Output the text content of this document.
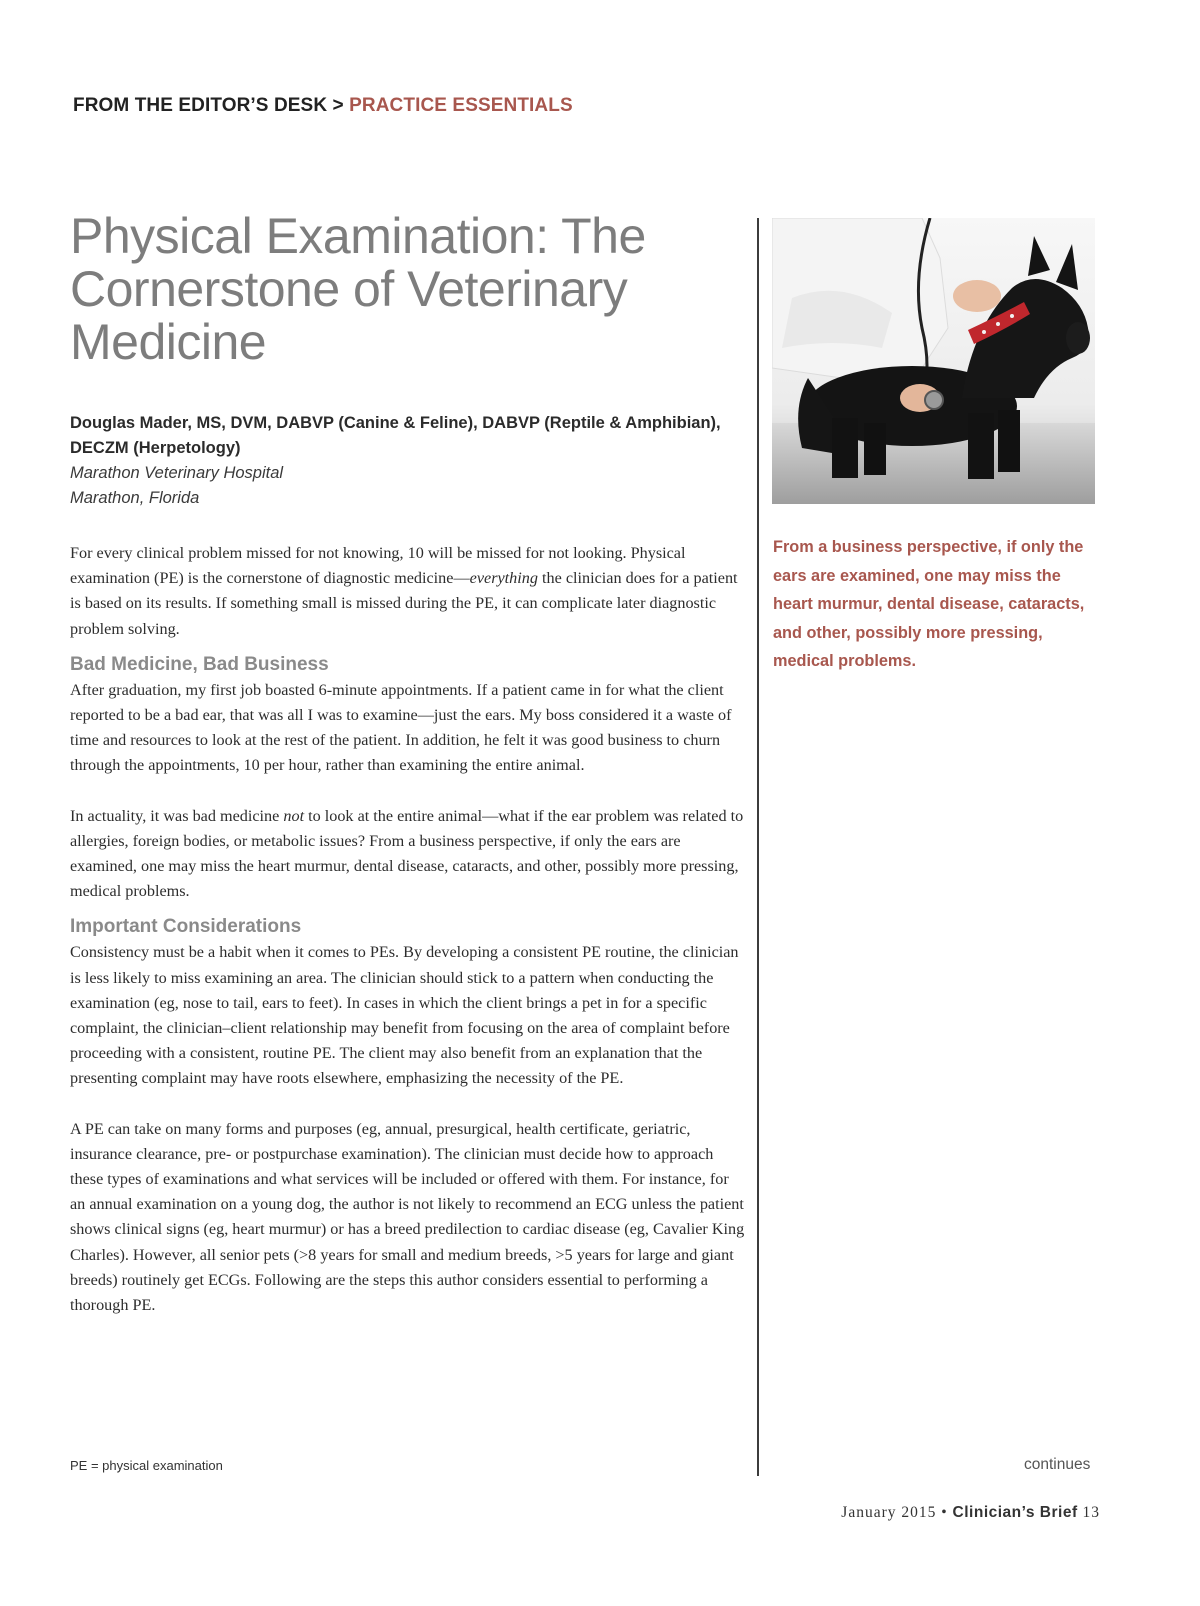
FROM THE EDITOR’S DESK > PRACTICE ESSENTIALS
Physical Examination: The Cornerstone of Veterinary Medicine
Douglas Mader, MS, DVM, DABVP (Canine & Feline), DABVP (Reptile & Amphibian), DECZM (Herpetology)
Marathon Veterinary Hospital
Marathon, Florida

For every clinical problem missed for not knowing, 10 will be missed for not looking. Physical examination (PE) is the cornerstone of diagnostic medicine—everything the clinician does for a patient is based on its results. If something small is missed during the PE, it can complicate later diagnostic problem solving.

Bad Medicine, Bad Business

After graduation, my first job boasted 6-minute appointments. If a patient came in for what the client reported to be a bad ear, that was all I was to examine—just the ears. My boss considered it a waste of time and resources to look at the rest of the patient. In addition, he felt it was good business to churn through the appointments, 10 per hour, rather than examining the entire animal.

In actuality, it was bad medicine not to look at the entire animal—what if the ear problem was related to allergies, foreign bodies, or metabolic issues? From a business perspective, if only the ears are examined, one may miss the heart murmur, dental disease, cataracts, and other, possibly more pressing, medical problems.

Important Considerations

Consistency must be a habit when it comes to PEs. By developing a consistent PE routine, the clinician is less likely to miss examining an area. The clinician should stick to a pattern when conducting the examination (eg, nose to tail, ears to feet). In cases in which the client brings a pet in for a specific complaint, the clinician–client relationship may benefit from focusing on the area of complaint before proceeding with a consistent, routine PE. The client may also benefit from an explanation that the presenting complaint may have roots elsewhere, emphasizing the necessity of the PE.

A PE can take on many forms and purposes (eg, annual, presurgical, health certificate, geriatric, insurance clearance, pre- or postpurchase examination). The clinician must decide how to approach these types of examinations and what services will be included or offered with them. For instance, for an annual examination on a young dog, the author is not likely to recommend an ECG unless the patient shows clinical signs (eg, heart murmur) or has a breed predilection to cardiac disease (eg, Cavalier King Charles). However, all senior pets (>8 years for small and medium breeds, >5 years for large and giant breeds) routinely get ECGs. Following are the steps this author considers essential to performing a thorough PE.

From a business perspective, if only the ears are examined, one may miss the heart murmur, dental disease, cataracts, and other, possibly more pressing, medical problems.

PE = physical examination	continues
January 2015 • Clinician’s Brief 13
